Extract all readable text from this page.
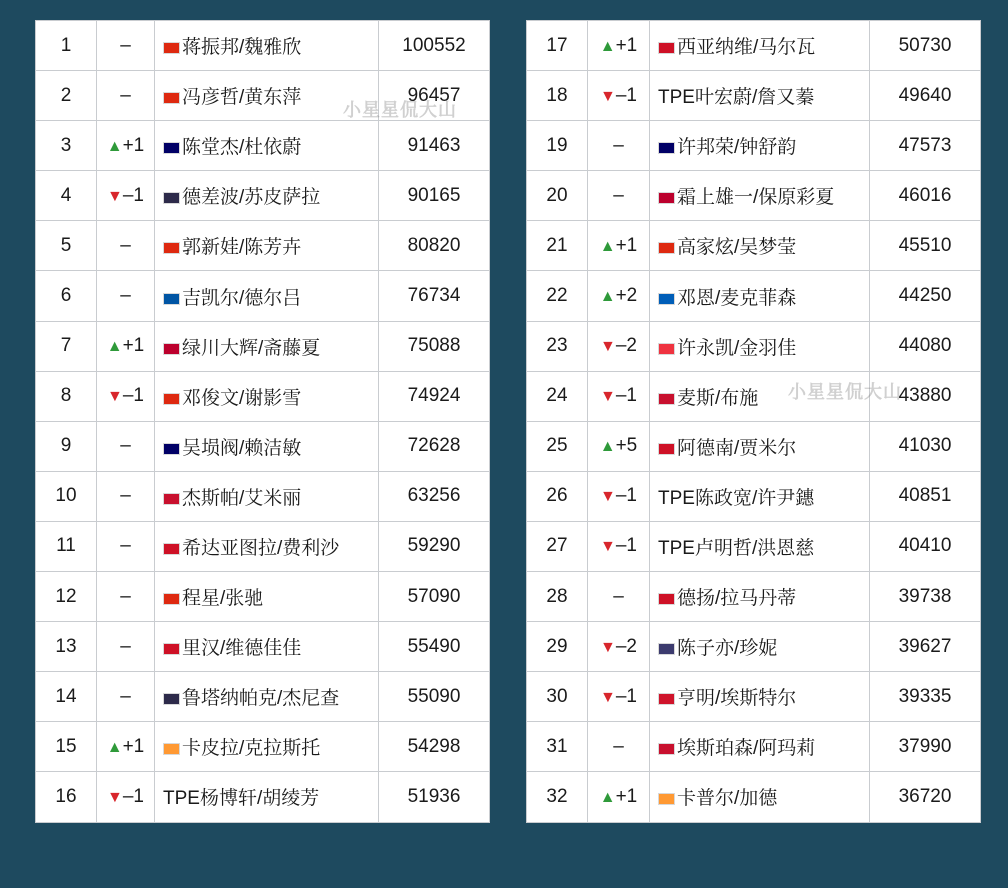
1	–	蒋振邦/魏雅欣	100552
2	–	冯彦哲/黄东萍	96457
3	▲+1	陈堂杰/杜依蔚	91463
4	▼–1	德差波/苏皮萨拉	90165
5	–	郭新娃/陈芳卉	80820
6	–	吉凯尔/德尔吕	76734
7	▲+1	绿川大辉/斋藤夏	75088
8	▼–1	邓俊文/谢影雪	74924
9	–	吴埙阀/赖洁敏	72628
10	–	杰斯帕/艾米丽	63256
11	–	希达亚图拉/费利沙	59290
12	–	程星/张驰	57090
13	–	里汉/维德佳佳	55490
14	–	鲁塔纳帕克/杰尼查	55090
15	▲+1	卡皮拉/克拉斯托	54298
16	▼–1	TPE杨博轩/胡绫芳	51936
17	▲+1	西亚纳维/马尔瓦	50730
18	▼–1	TPE叶宏蔚/詹又蓁	49640
19	–	许邦荣/钟舒韵	47573
20	–	霜上雄一/保原彩夏	46016
21	▲+1	高家炫/吴梦莹	45510
22	▲+2	邓恩/麦克菲森	44250
23	▼–2	许永凯/金羽佳	44080
24	▼–1	麦斯/布施	43880
25	▲+5	阿德南/贾米尔	41030
26	▼–1	TPE陈政宽/许尹鏸	40851
27	▼–1	TPE卢明哲/洪恩慈	40410
28	–	德扬/拉马丹蒂	39738
29	▼–2	陈子亦/珍妮	39627
30	▼–1	亨明/埃斯特尔	39335
31	–	埃斯珀森/阿玛莉	37990
32	▲+1	卡普尔/加德	36720
小星星侃大山
小星星侃大山
